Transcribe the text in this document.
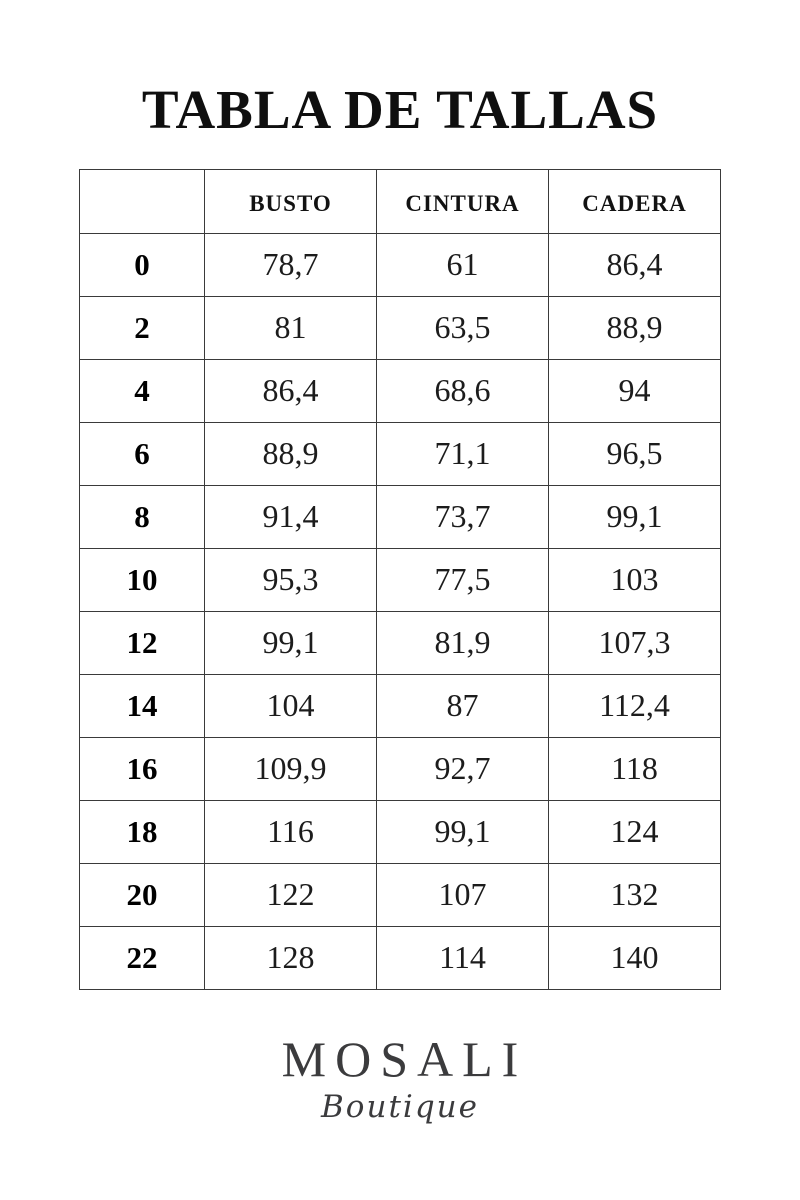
TABLA DE TALLAS
	busto	cintura	cadera
0	78,7	61	86,4
2	81	63,5	88,9
4	86,4	68,6	94
6	88,9	71,1	96,5
8	91,4	73,7	99,1
10	95,3	77,5	103
12	99,1	81,9	107,3
14	104	87	112,4
16	109,9	92,7	118
18	116	99,1	124
20	122	107	132
22	128	114	140
MOSALI
Boutique
